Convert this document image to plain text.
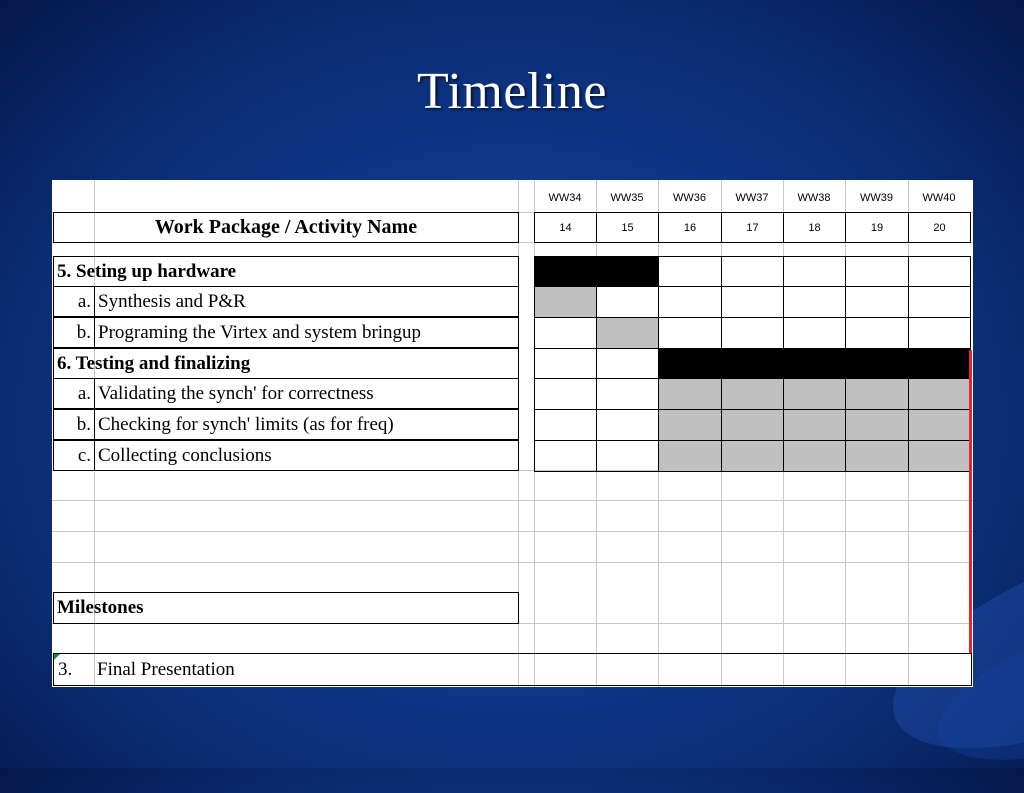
Timeline
WW34	WW35	WW36	WW37	WW38	WW39	WW40
Work Package / Activity Name	14	15	16	17	18	19	20
5. Seting up hardware
a. Synthesis and P&R
b. Programing the Virtex and system bringup
6. Testing and finalizing
a. Validating the synch' for correctness
b. Checking for synch' limits (as for freq)
c. Collecting conclusions
Milestones
3.	Final Presentation
